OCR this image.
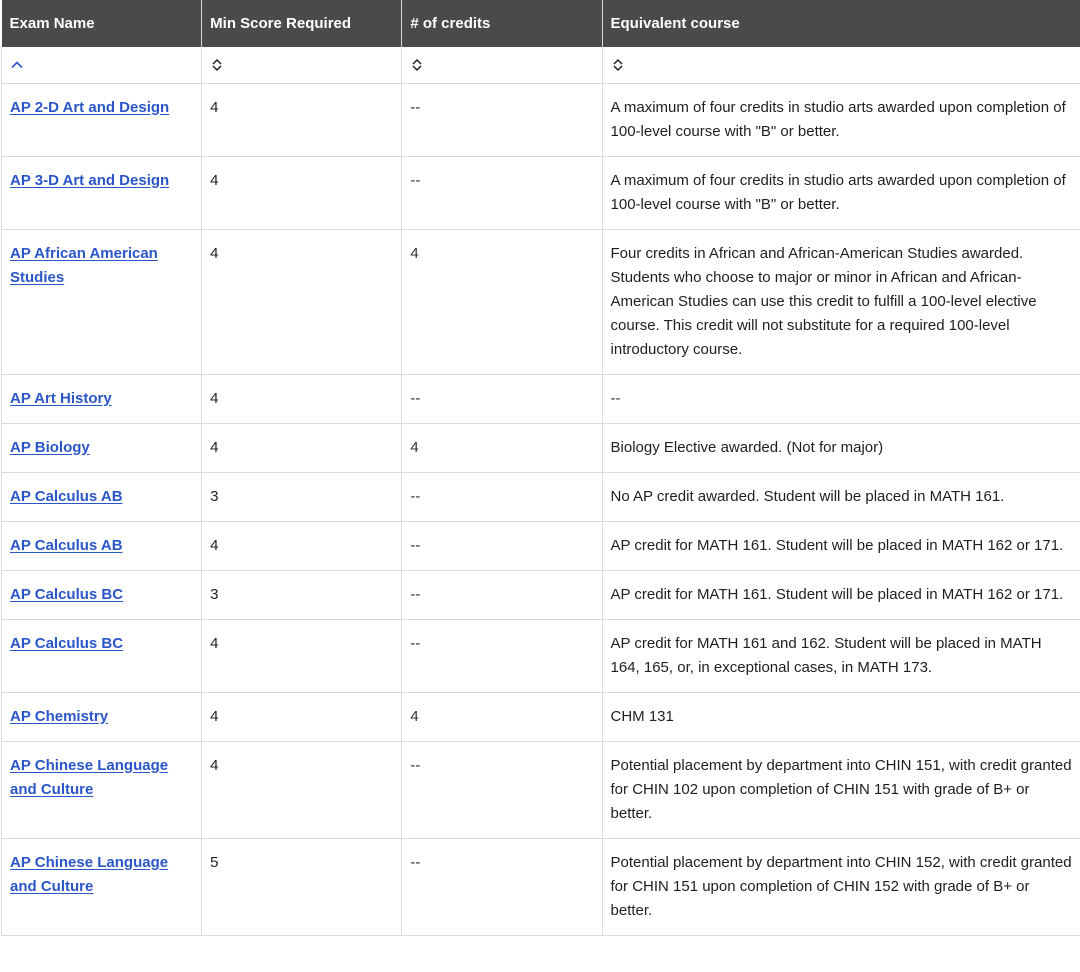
Exam Name	Min Score Required	# of credits	Equivalent course

AP 2-D Art and Design	4	--	A maximum of four credits in studio arts awarded upon completion of 100-level course with "B" or better.
AP 3-D Art and Design	4	--	A maximum of four credits in studio arts awarded upon completion of 100-level course with "B" or better.
AP African American Studies	4	4	Four credits in African and African-American Studies awarded. Students who choose to major or minor in African and African-American Studies can use this credit to fulfill a 100-level elective course. This credit will not substitute for a required 100-level introductory course.
AP Art History	4	--	--
AP Biology	4	4	Biology Elective awarded. (Not for major)
AP Calculus AB	3	--	No AP credit awarded. Student will be placed in MATH 161.
AP Calculus AB	4	--	AP credit for MATH 161. Student will be placed in MATH 162 or 171.
AP Calculus BC	3	--	AP credit for MATH 161. Student will be placed in MATH 162 or 171.
AP Calculus BC	4	--	AP credit for MATH 161 and 162. Student will be placed in MATH 164, 165, or, in exceptional cases, in MATH 173.
AP Chemistry	4	4	CHM 131
AP Chinese Language and Culture	4	--	Potential placement by department into CHIN 151, with credit granted for CHIN 102 upon completion of CHIN 151 with grade of B+ or better.
AP Chinese Language and Culture	5	--	Potential placement by department into CHIN 152, with credit granted for CHIN 151 upon completion of CHIN 152 with grade of B+ or better.
